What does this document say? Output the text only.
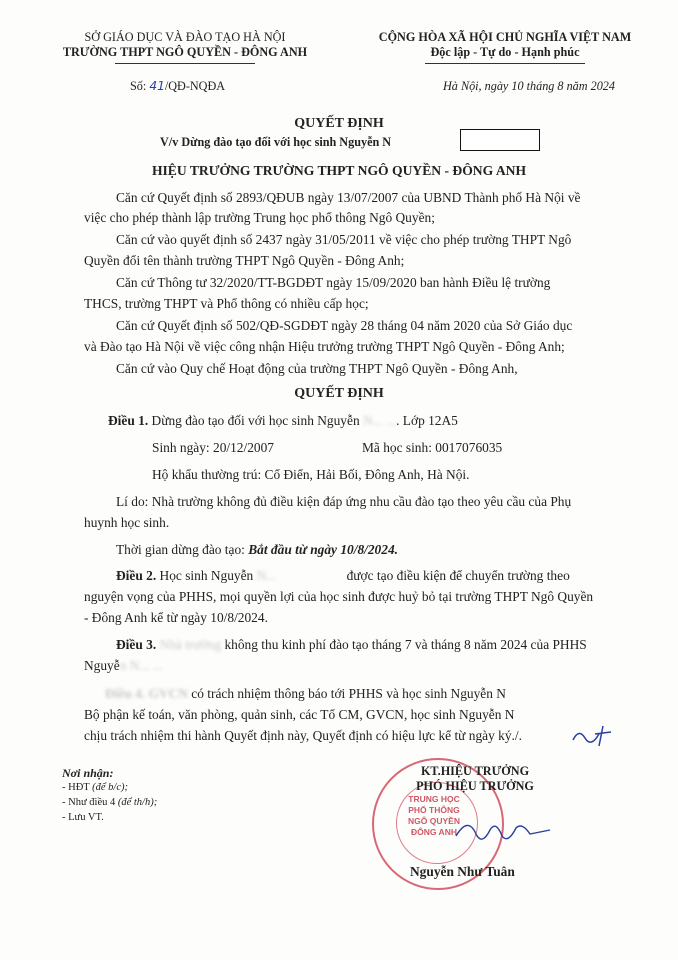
SỞ GIÁO DỤC VÀ ĐÀO TẠO HÀ NỘI
TRƯỜNG THPT NGÔ QUYỀN - ĐÔNG ANH
CỘNG HÒA XÃ HỘI CHỦ NGHĨA VIỆT NAM
Độc lập - Tự do - Hạnh phúc
Số: 41/QĐ-NQĐA	Hà Nội, ngày 10 tháng 8 năm 2024
QUYẾT ĐỊNH
V/v Dừng đào tạo đối với học sinh Nguyễn N
HIỆU TRƯỞNG TRƯỜNG THPT NGÔ QUYỀN - ĐÔNG ANH
Căn cứ Quyết định số 2893/QĐUB ngày 13/07/2007 của UBND Thành phố Hà Nội về
việc cho phép thành lập trường Trung học phổ thông Ngô Quyền;
Căn cứ vào quyết định số 2437 ngày 31/05/2011 về việc cho phép trường THPT Ngô
Quyền đổi tên thành trường THPT Ngô Quyền - Đông Anh;
Căn cứ Thông tư 32/2020/TT-BGDĐT ngày 15/09/2020 ban hành Điều lệ trường
THCS, trường THPT và Phổ thông có nhiều cấp học;
Căn cứ Quyết định số 502/QĐ-SGDĐT ngày 28 tháng 04 năm 2020 của Sở Giáo dục
và Đào tạo Hà Nội về việc công nhận Hiệu trưởng trường THPT Ngô Quyền - Đông Anh;
Căn cứ vào Quy chế Hoạt động của trường THPT Ngô Quyền - Đông Anh,
QUYẾT ĐỊNH
Điều 1. Dừng đào tạo đối với học sinh Nguyễn N... .... Lớp 12A5
Sinh ngày: 20/12/2007	Mã học sinh: 0017076035
Hộ khẩu thường trú: Cổ Điển, Hải Bối, Đông Anh, Hà Nội.
Lí do: Nhà trường không đủ điều kiện đáp ứng nhu cầu đào tạo theo yêu cầu của Phụ
huynh học sinh.
Thời gian dừng đào tạo: Bắt đầu từ ngày 10/8/2024.
Điều 2. Học sinh Nguyễn N...	được tạo điều kiện để chuyển trường theo
nguyện vọng của PHHS, mọi quyền lợi của học sinh được huỷ bỏ tại trường THPT Ngô Quyền
- Đông Anh kể từ ngày 10/8/2024.
Điều 3. Nhà trường không thu kinh phí đào tạo tháng 7 và tháng 8 năm 2024 của PHHS
Nguyễn N... ...
Điều 4. GVCN có trách nhiệm thông báo tới PHHS và học sinh Nguyễn N
Bộ phận kế toán, văn phòng, quản sinh, các Tổ CM, GVCN, học sinh Nguyễn N
chịu trách nhiệm thi hành Quyết định này, Quyết định có hiệu lực kể từ ngày ký./.
Nơi nhận:
- HĐT (để b/c);
- Như điều 4 (để th/h);
- Lưu VT.
TRUNG HỌC
PHỔ THÔNG
NGÔ QUYỀN
ĐÔNG ANH
KT.HIỆU TRƯỞNG
PHÓ HIỆU TRƯỞNG
Nguyễn Như Tuân
